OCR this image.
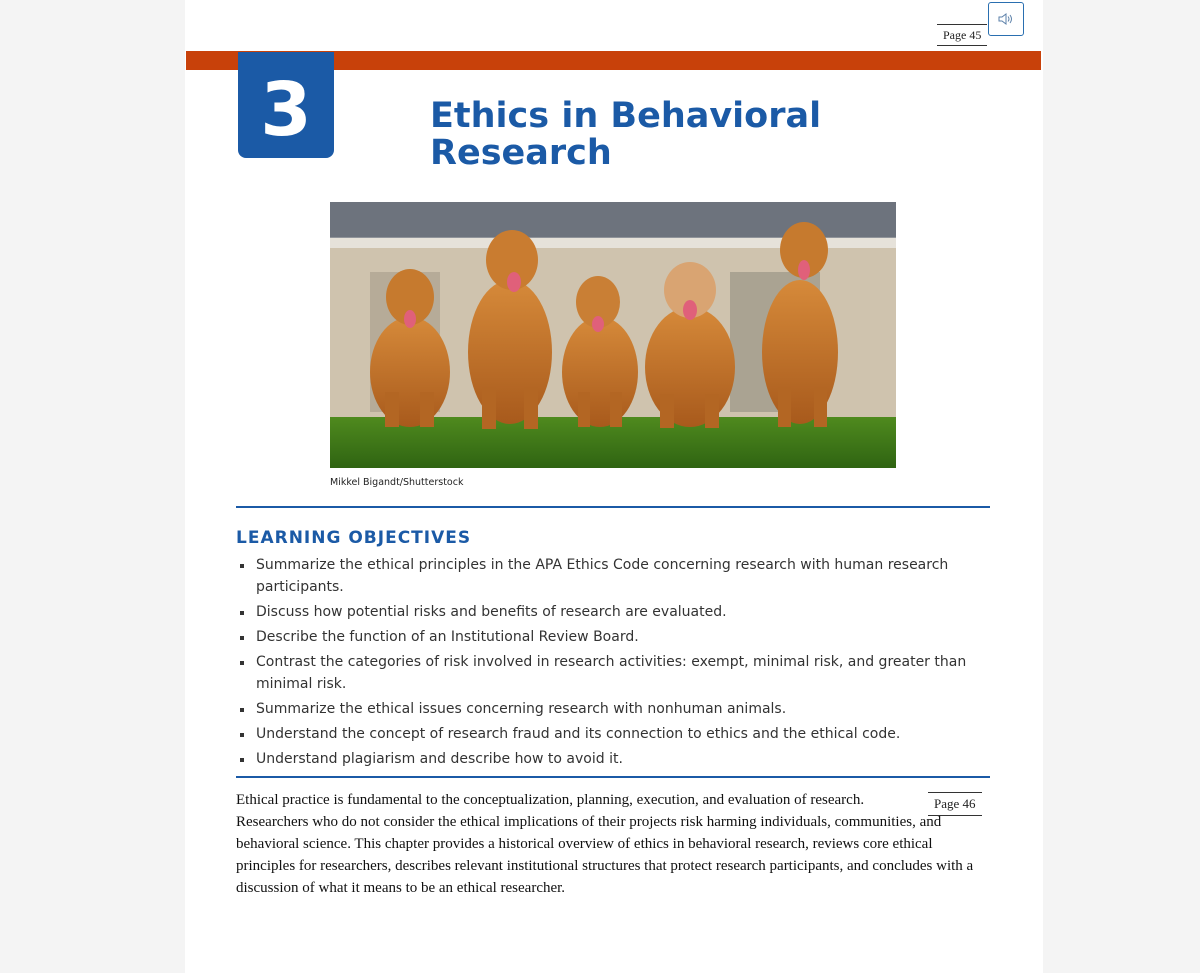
Page 45
3	Ethics in Behavioral Research
Mikkel Bigandt/Shutterstock
LEARNING OBJECTIVES
Summarize the ethical principles in the APA Ethics Code concerning research with human research participants.
Discuss how potential risks and benefits of research are evaluated.
Describe the function of an Institutional Review Board.
Contrast the categories of risk involved in research activities: exempt, minimal risk, and greater than minimal risk.
Summarize the ethical issues concerning research with nonhuman animals.
Understand the concept of research fraud and its connection to ethics and the ethical code.
Understand plagiarism and describe how to avoid it.
Page 46

Ethical practice is fundamental to the conceptualization, planning, execution, and evaluation of research. Researchers who do not consider the ethical implications of their projects risk harming individuals, communities, and behavioral science. This chapter provides a historical overview of ethics in behavioral research, reviews core ethical principles for researchers, describes relevant institutional structures that protect research participants, and concludes with a discussion of what it means to be an ethical researcher.
